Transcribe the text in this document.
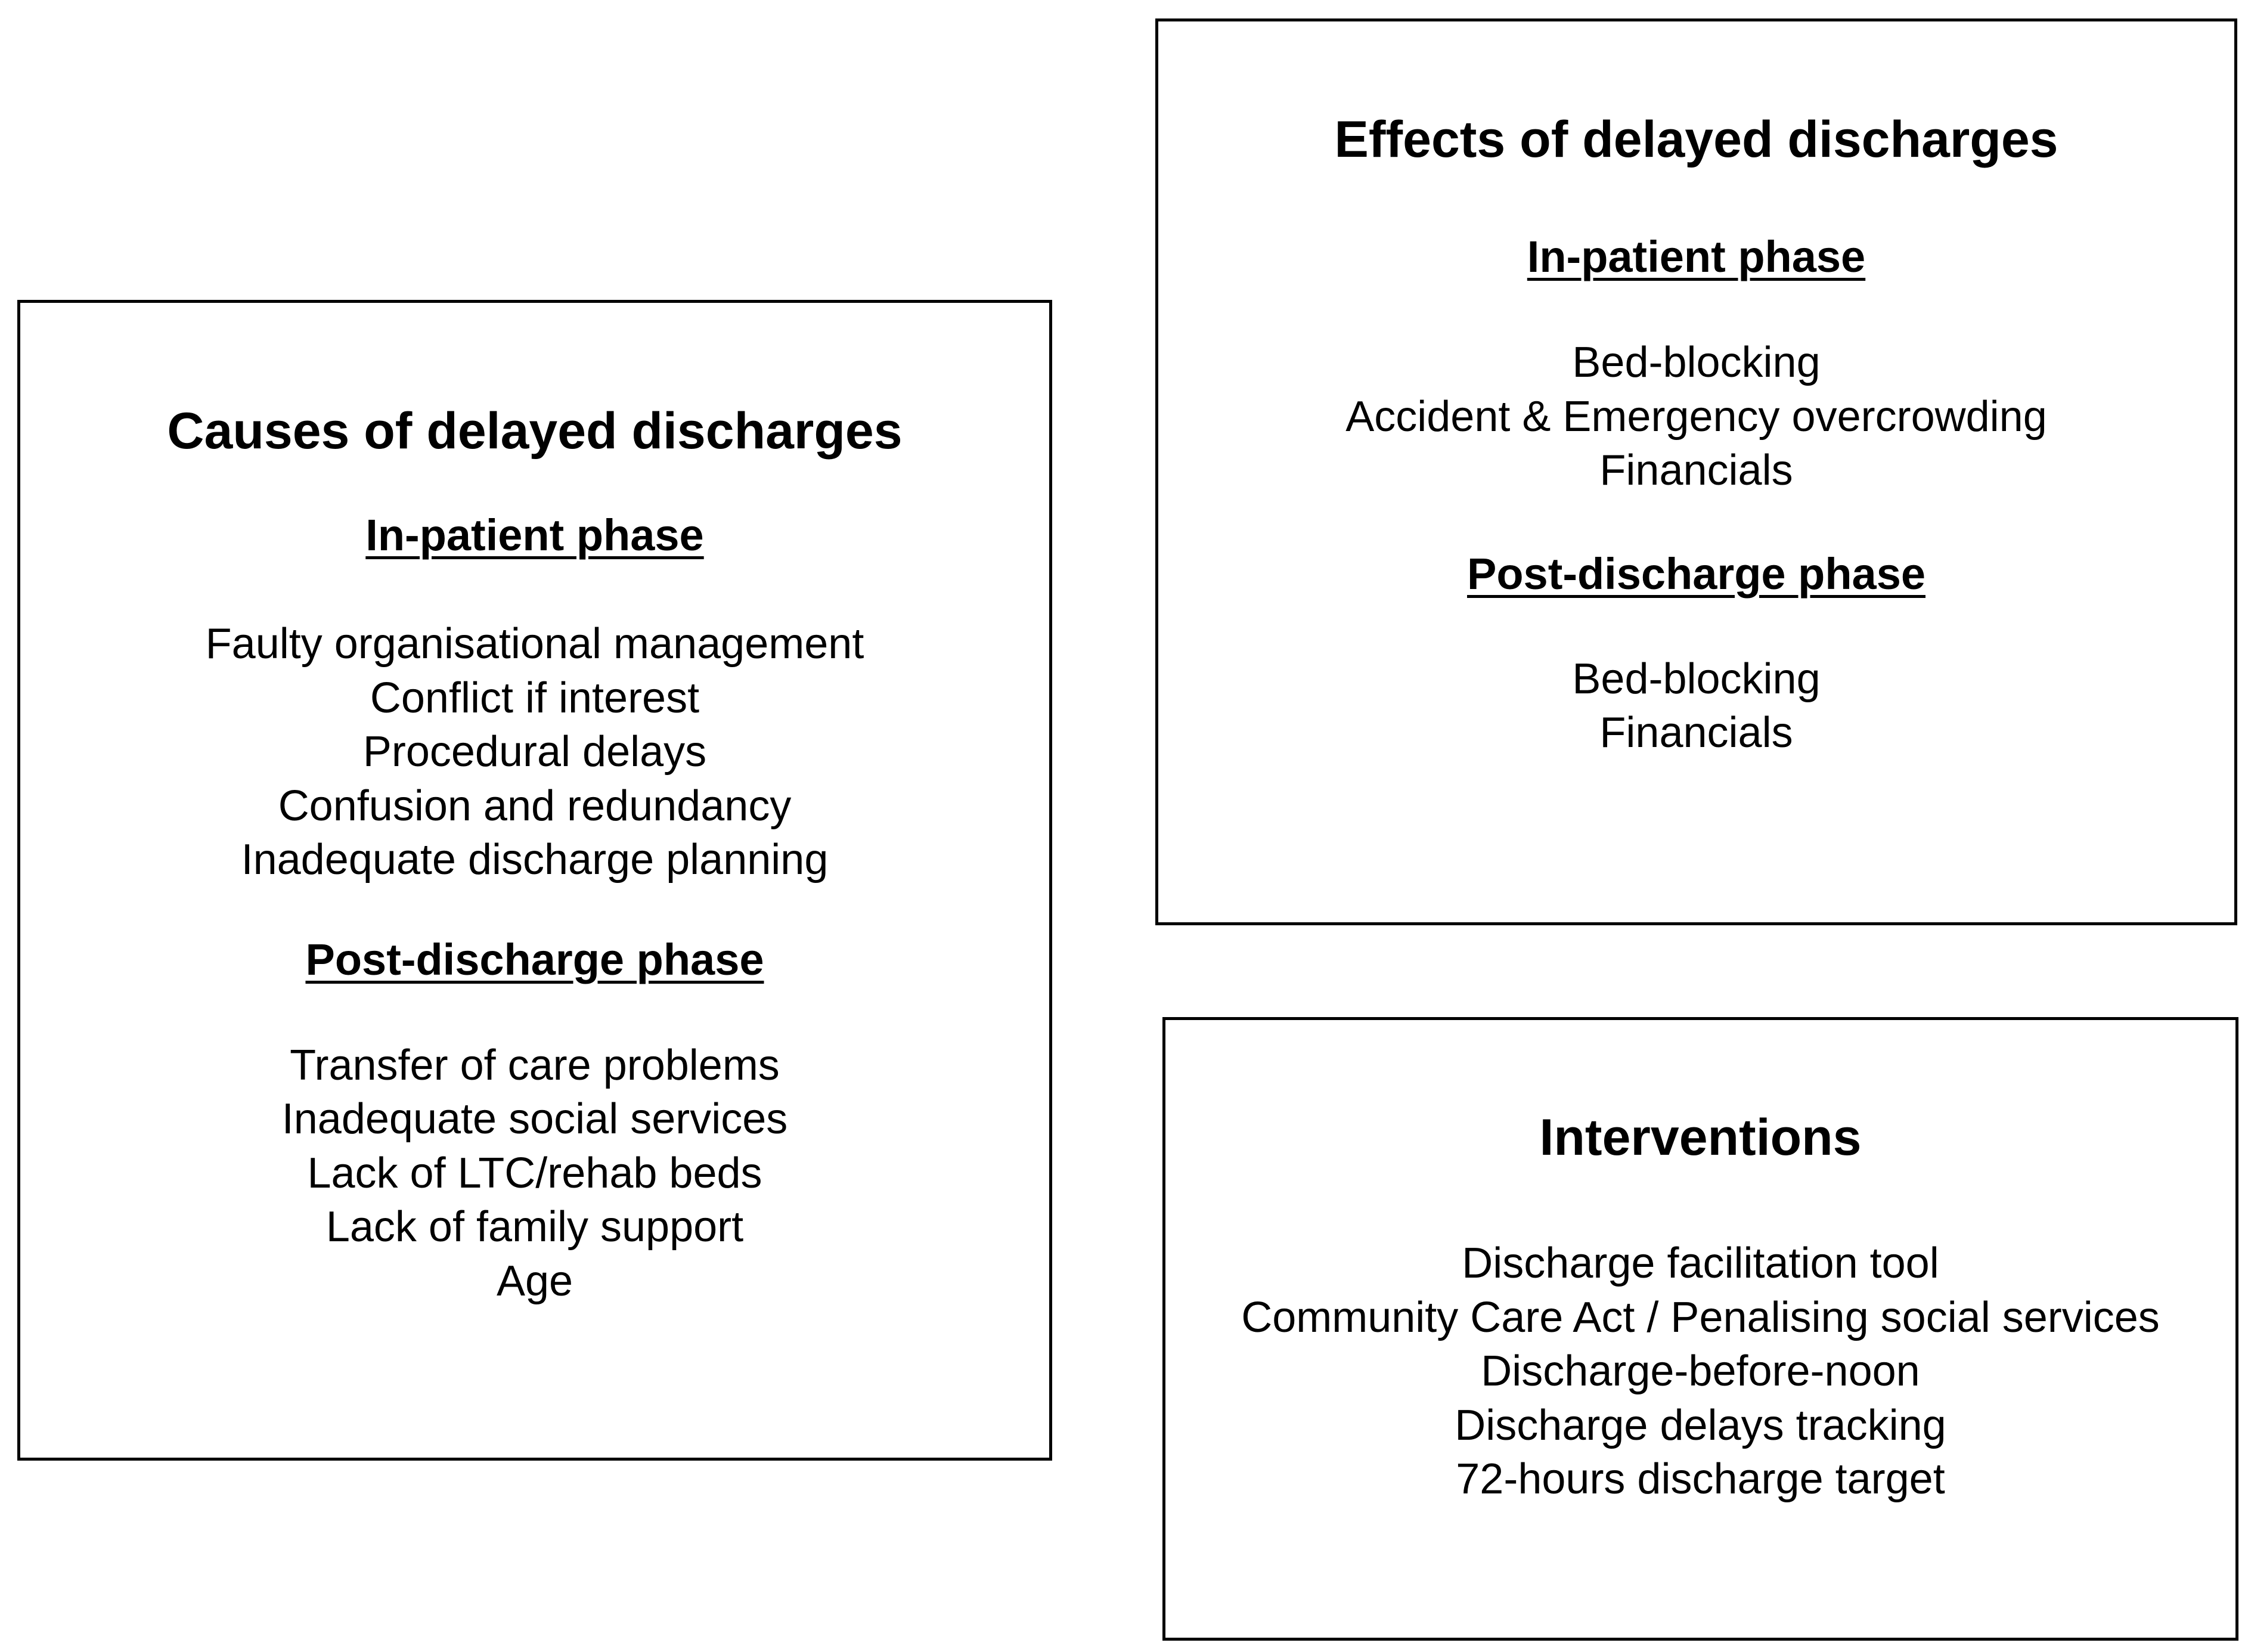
Causes of delayed discharges

In-patient phase

Faulty organisational management
Conflict if interest
Procedural delays
Confusion and redundancy
Inadequate discharge planning

Post-discharge phase

Transfer of care problems
Inadequate social services
Lack of LTC/rehab beds
Lack of family support
Age

Effects of delayed discharges

In-patient phase

Bed-blocking
Accident & Emergency overcrowding
Financials

Post-discharge phase

Bed-blocking
Financials

Interventions

Discharge facilitation tool
Community Care Act / Penalising social services
Discharge-before-noon
Discharge delays tracking
72-hours discharge target
